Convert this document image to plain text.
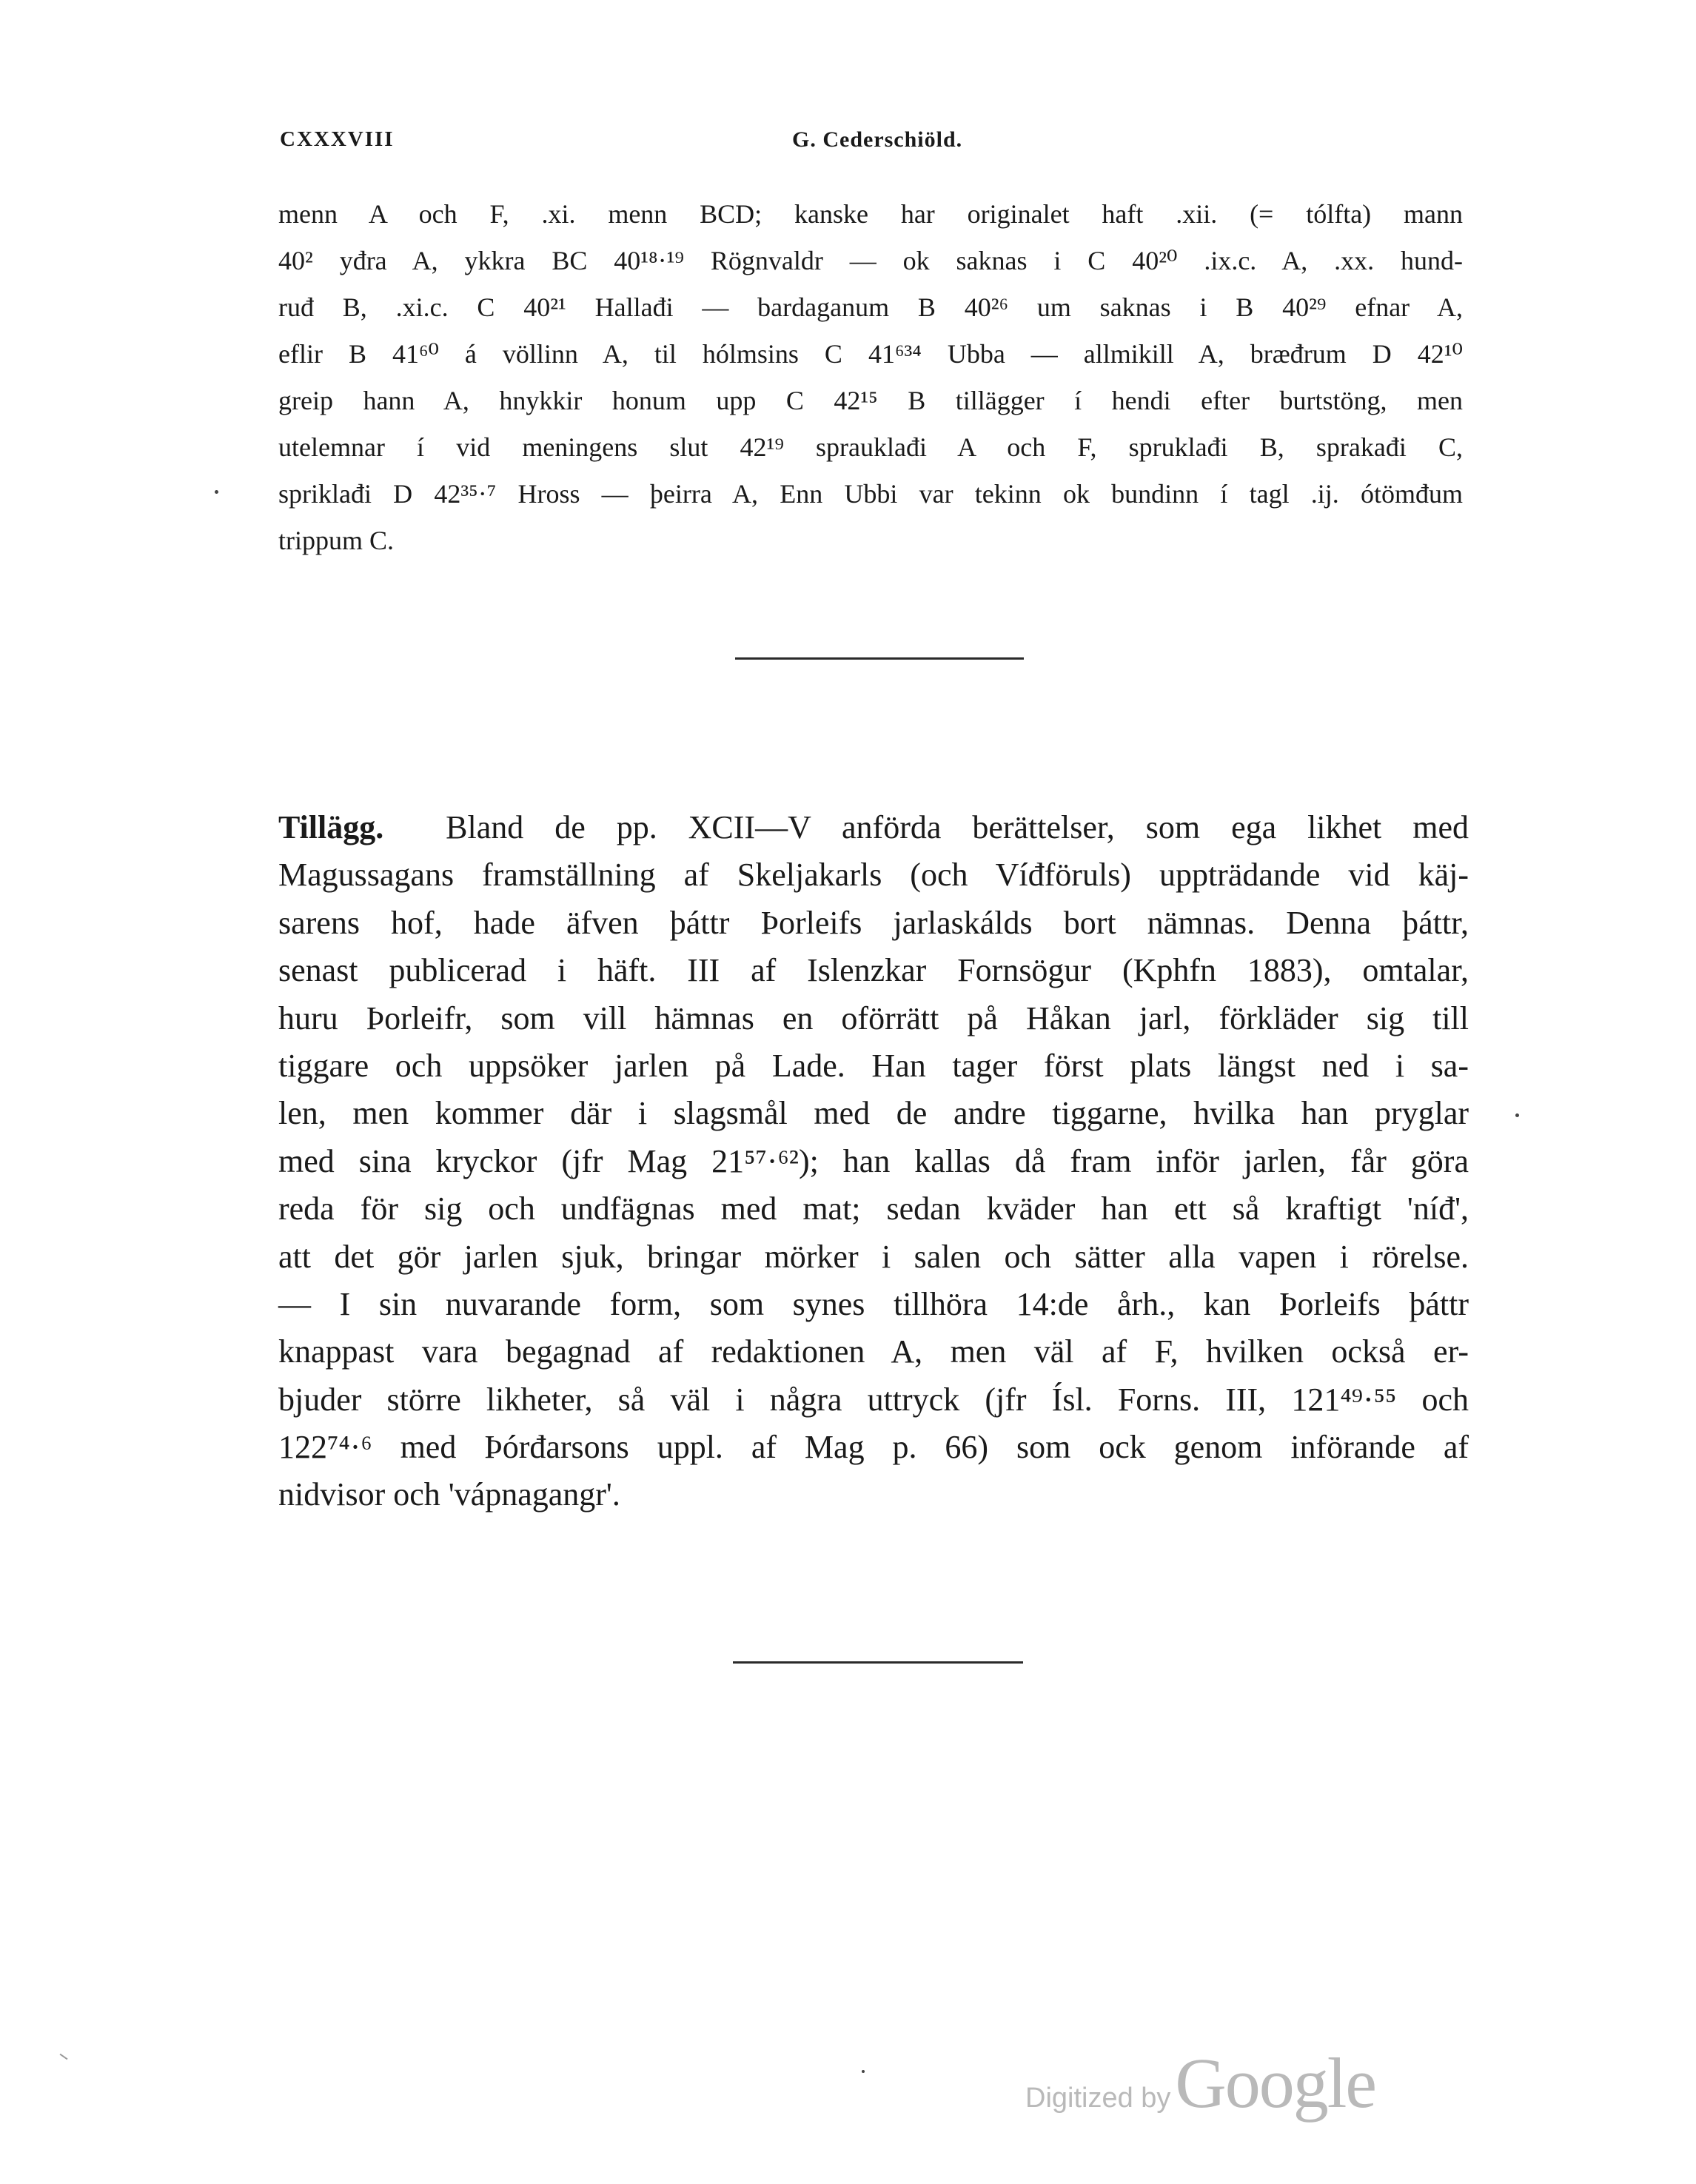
CXXXVIII	G. Cederschiöld.
menn A och F, .xi. menn BCD; kanske har originalet haft .xii. (= tólfta) mann
40² yđra A, ykkra BC 40¹⁸·¹⁹ Rögnvaldr — ok saknas i C 40²⁰ .ix.c. A, .xx. hund-
ruđ B, .xi.c. C 40²¹ Hallađi — bardaganum B 40²⁶ um saknas i B 40²⁹ efnar A,
eflir B 41⁶⁰ á völlinn A, til hólmsins C 41⁶³⁴ Ubba — allmikill A, bræđrum D 42¹⁰
greip hann A, hnykkir honum upp C 42¹⁵ B tillägger í hendi efter burtstöng, men
utelemnar í vid meningens slut 42¹⁹ sprauklađi A och F, spruklađi B, sprakađi C,
spriklađi D 42³⁵·⁷ Hross — þeirra A, Enn Ubbi var tekinn ok bundinn í tagl .ij. ótömđum
trippum C.
Tillägg. Bland de pp. XCII—V anförda berättelser, som ega likhet med
Magussagans framställning af Skeljakarls (och Víđföruls) uppträdande vid käj-
sarens hof, hade äfven þáttr Þorleifs jarlaskálds bort nämnas. Denna þáttr,
senast publicerad i häft. III af Islenzkar Fornsögur (Kphfn 1883), omtalar,
huru Þorleifr, som vill hämnas en oförrätt på Håkan jarl, förkläder sig till
tiggare och uppsöker jarlen på Lade. Han tager först plats längst ned i sa-
len, men kommer där i slagsmål med de andre tiggarne, hvilka han pryglar
med sina kryckor (jfr Mag 21⁵⁷·⁶²); han kallas då fram inför jarlen, får göra
reda för sig och undfägnas med mat; sedan kväder han ett så kraftigt 'níđ',
att det gör jarlen sjuk, bringar mörker i salen och sätter alla vapen i rörelse.
— I sin nuvarande form, som synes tillhöra 14:de årh., kan Þorleifs þáttr
knappast vara begagnad af redaktionen A, men väl af F, hvilken också er-
bjuder större likheter, så väl i några uttryck (jfr Ísl. Forns. III, 121⁴⁹·⁵⁵ och
122⁷⁴·⁶ med Þórđarsons uppl. af Mag p. 66) som ock genom införande af
nidvisor och 'vápnagangr'.
Digitized byGoogle
